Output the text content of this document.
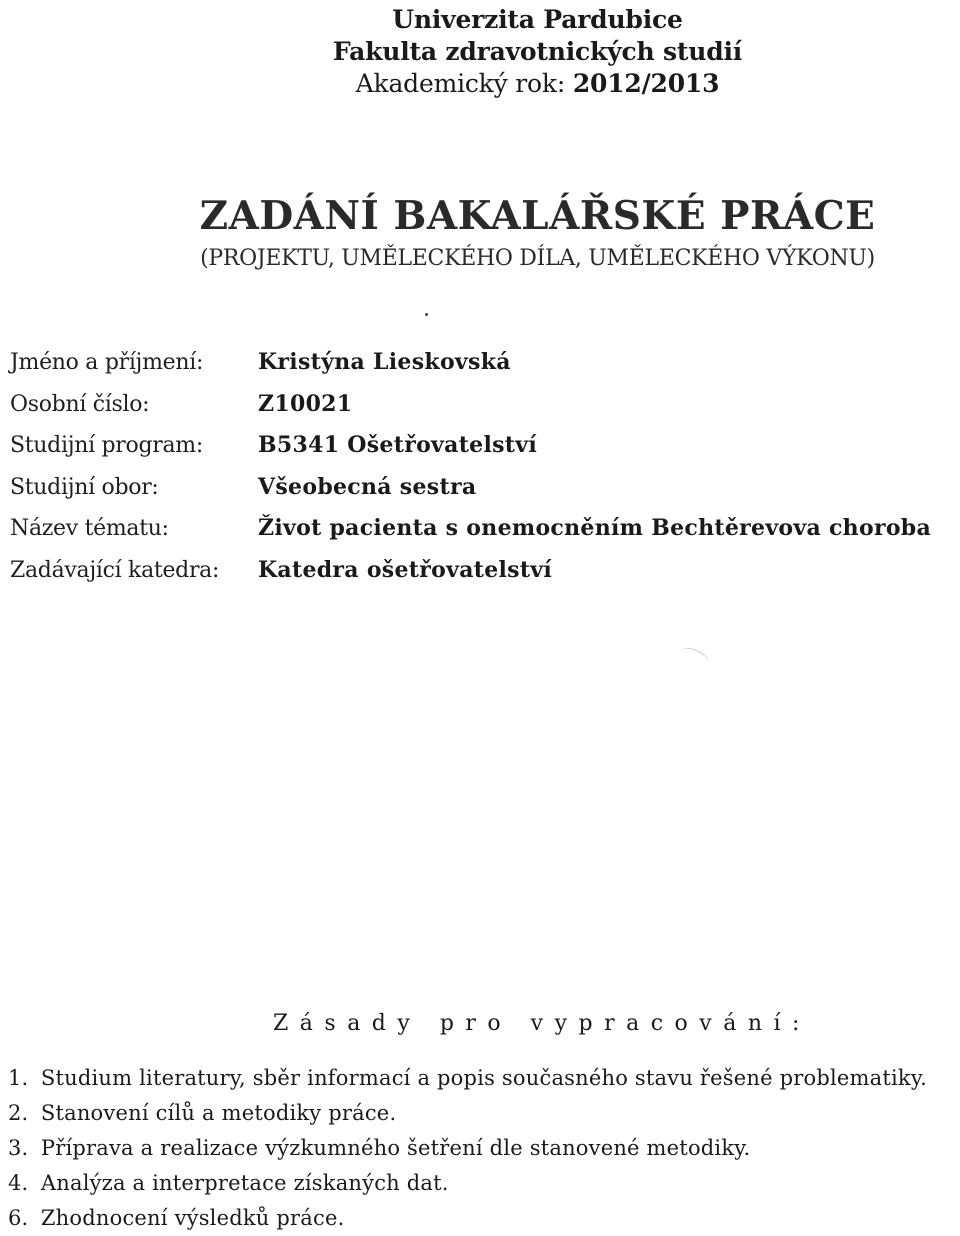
Univerzita Pardubice
Fakulta zdravotnických studií
Akademický rok: 2012/2013
ZADÁNÍ BAKALÁŘSKÉ PRÁCE
(PROJEKTU, UMĚLECKÉHO DÍLA, UMĚLECKÉHO VÝKONU)
Jméno a příjmení: Kristýna Lieskovská
Osobní číslo:	Z10021
Studijní program:	B5341 Ošetřovatelství
Studijní obor:	Všeobecná sestra
Název tématu:	Život pacienta s onemocněním Bechtěrevova choroba
Zadávající katedra: Katedra ošetřovatelství
Zásady pro vypracování:
1. Studium literatury, sběr informací a popis současného stavu řešené problematiky.
2. Stanovení cílů a metodiky práce.
3. Příprava a realizace výzkumného šetření dle stanovené metodiky.
4. Analýza a interpretace získaných dat.
6. Zhodnocení výsledků práce.
